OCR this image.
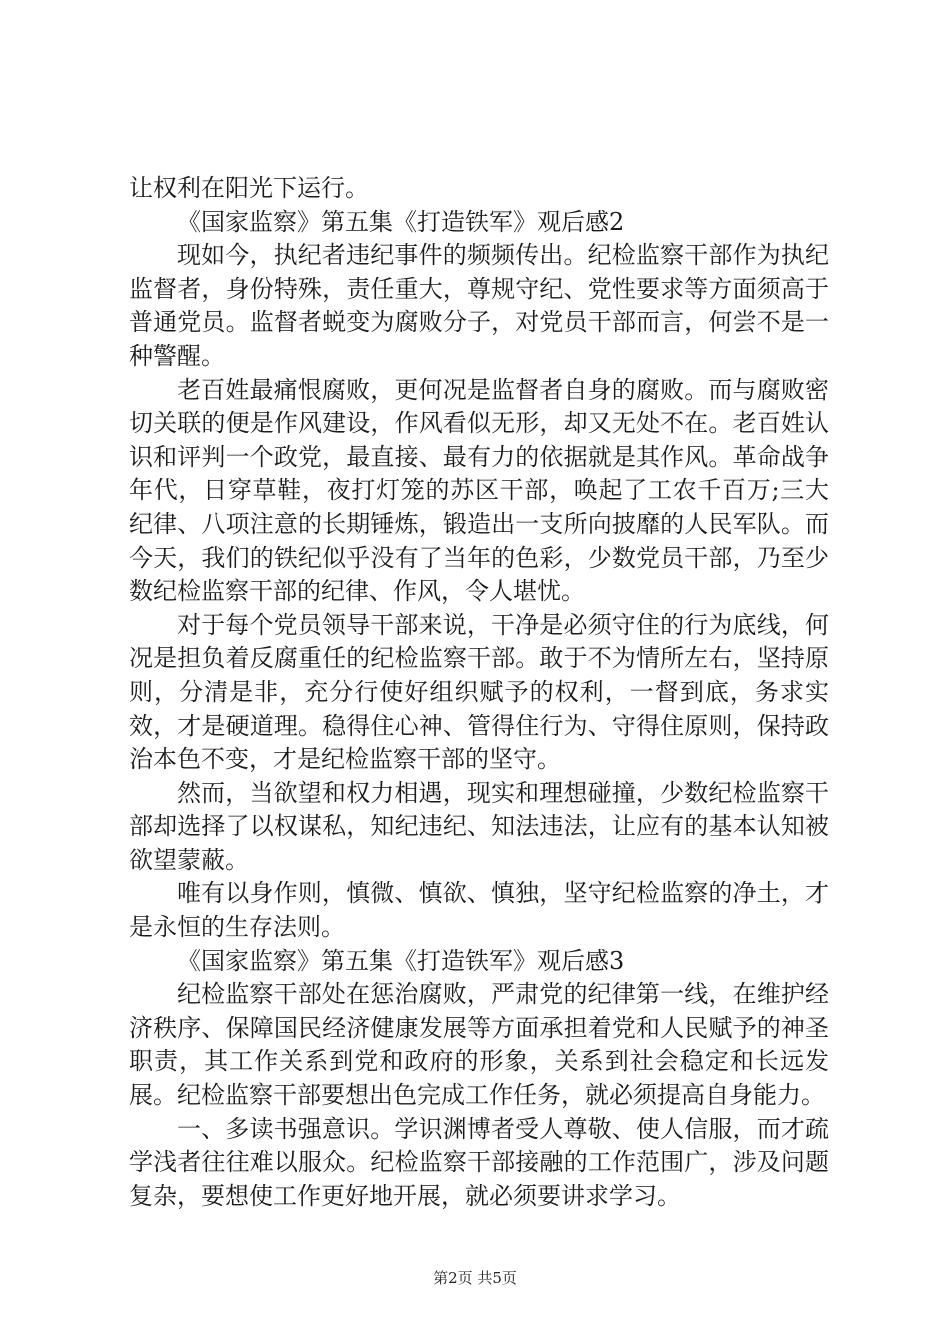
让权利在阳光下运行。

《国家监察》第五集《打造铁军》观后感2

现如今，执纪者违纪事件的频频传出。纪检监察干部作为执纪监督者，身份特殊，责任重大，尊规守纪、党性要求等方面须高于普通党员。监督者蜕变为腐败分子，对党员干部而言，何尝不是一种警醒。

老百姓最痛恨腐败，更何况是监督者自身的腐败。而与腐败密切关联的便是作风建设，作风看似无形，却又无处不在。老百姓认识和评判一个政党，最直接、最有力的依据就是其作风。革命战争年代，日穿草鞋，夜打灯笼的苏区干部，唤起了工农千百万;三大纪律、八项注意的长期锤炼，锻造出一支所向披靡的人民军队。而今天，我们的铁纪似乎没有了当年的色彩，少数党员干部，乃至少数纪检监察干部的纪律、作风，令人堪忧。

对于每个党员领导干部来说，干净是必须守住的行为底线，何况是担负着反腐重任的纪检监察干部。敢于不为情所左右，坚持原则，分清是非，充分行使好组织赋予的权利，一督到底，务求实效，才是硬道理。稳得住心神、管得住行为、守得住原则，保持政治本色不变，才是纪检监察干部的坚守。

然而，当欲望和权力相遇，现实和理想碰撞，少数纪检监察干部却选择了以权谋私，知纪违纪、知法违法，让应有的基本认知被欲望蒙蔽。

唯有以身作则，慎微、慎欲、慎独，坚守纪检监察的净土，才是永恒的生存法则。

《国家监察》第五集《打造铁军》观后感3

纪检监察干部处在惩治腐败，严肃党的纪律第一线，在维护经济秩序、保障国民经济健康发展等方面承担着党和人民赋予的神圣职责，其工作关系到党和政府的形象，关系到社会稳定和长远发展。纪检监察干部要想出色完成工作任务，就必须提高自身能力。

一、多读书强意识。学识渊博者受人尊敬、使人信服，而才疏学浅者往往难以服众。纪检监察干部接融的工作范围广，涉及问题复杂，要想使工作更好地开展，就必须要讲求学习。

第2页 共5页
